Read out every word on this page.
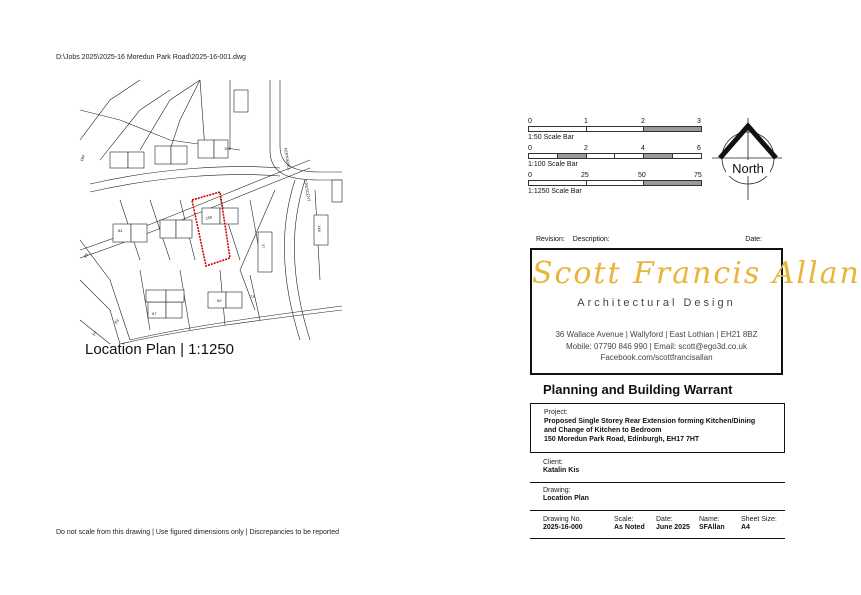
D:\Jobs 2025\2025-16 Moredun Park Road\2025-16-001.dwg
84
101
184
85
37
69
73
67
63
148
150
67
FERNIEHILL
CRESCENT
Location Plan | 1:1250
0	1	2	3
1:50 Scale Bar
0	2	4	6
1:100 Scale Bar
0	25	50	75
1:1250 Scale Bar
North
Revision: Description:	Date:
Scott Francis Allan
Architectural Design
36 Wallace Avenue | Wallyford | East Lothian | EH21 8BZ
Mobile: 07790 846 990 | Email: scott@ego3d.co.uk
Facebook.com/scottfrancisallan
Planning and Building Warrant
Project:
Proposed Single Storey Rear Extension forming Kitchen/Dining
and Change of Kitchen to Bedroom
150 Moredun Park Road, Edinburgh, EH17 7HT
Client:
Katalin Kis
Drawing:
Location Plan
Drawing No.
2025-16-000
Scale:
As Noted
Date:
June 2025
Name:
SFAllan
Sheet Size:
A4
Do not scale from this drawing | Use figured dimensions only | Discrepancies to be reported
